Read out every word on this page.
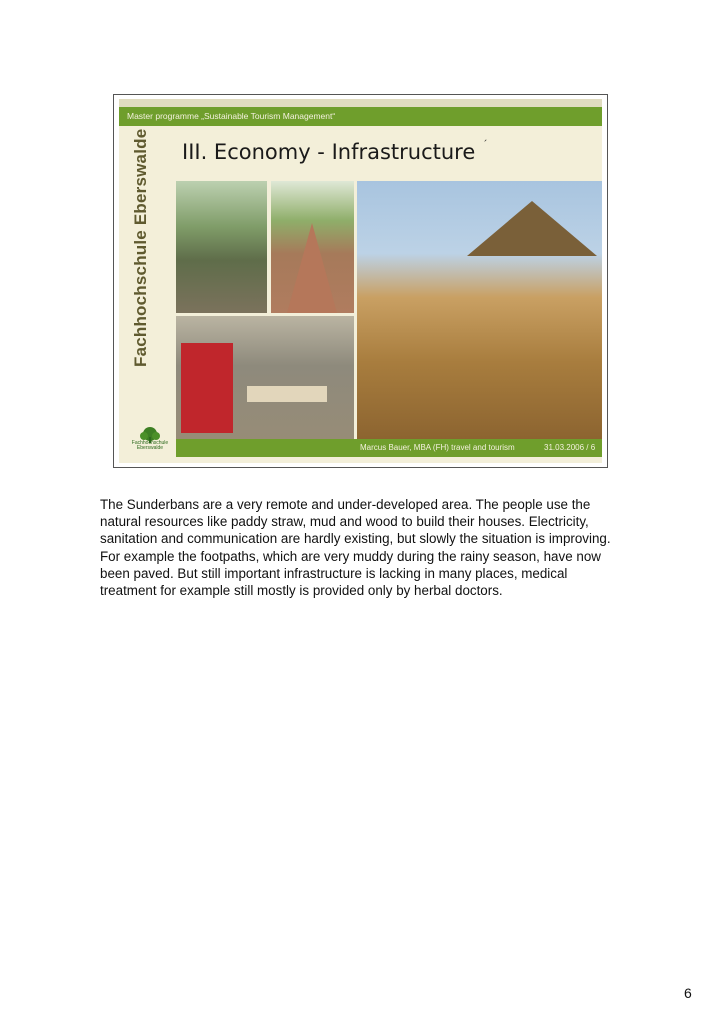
Master programme „Sustainable Tourism Management“
Fachhochschule Eberswalde III. Economy - Infrastructure ´
Fachhochschule
Eberswalde	Marcus Bauer, MBA (FH) travel and tourism	31.03.2006 / 6
The Sunderbans are a very remote and under-developed area. The people use the natural resources like paddy straw, mud and wood to build their houses. Electricity, sanitation and communication are hardly existing, but slowly the situation is improving. For example the footpaths, which are very muddy during the rainy season, have now been paved. But still important infrastructure is lacking in many places, medical treatment for example still mostly is provided only by herbal doctors.
6
